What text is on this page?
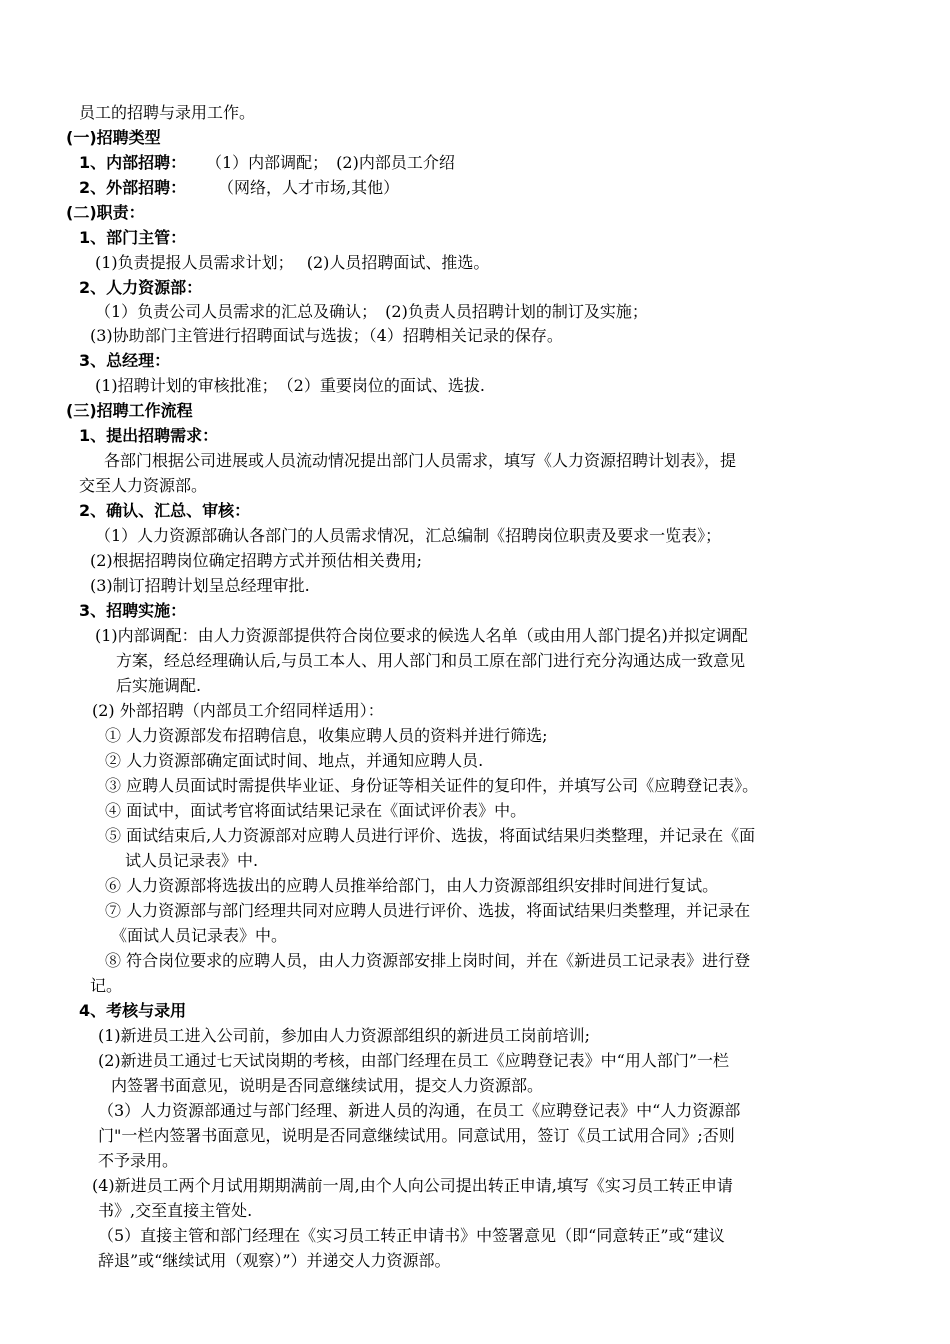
员工的招聘与录用工作。
(一)招聘类型
1、内部招聘： （1）内部调配；　(2)内部员工介绍
2、外部招聘： （网络，人才市场,其他）
(二)职责：
1、部门主管：
(1)负责提报人员需求计划；　 (2)人员招聘面试、推选。
2、人力资源部：
（1）负责公司人员需求的汇总及确认；　(2)负责人员招聘计划的制订及实施；
(3)协助部门主管进行招聘面试与选拔；（4）招聘相关记录的保存。
3、总经理：
(1)招聘计划的审核批准；　（2）重要岗位的面试、选拔.
(三)招聘工作流程
1、提出招聘需求：
各部门根据公司进展或人员流动情况提出部门人员需求，填写《人力资源招聘计划表》，提
交至人力资源部。
2、确认、汇总、审核：
（1）人力资源部确认各部门的人员需求情况，汇总编制《招聘岗位职责及要求一览表》；
(2)根据招聘岗位确定招聘方式并预估相关费用;
(3)制订招聘计划呈总经理审批.
3、招聘实施：
(1)内部调配：由人力资源部提供符合岗位要求的候选人名单（或由用人部门提名)并拟定调配
方案，经总经理确认后,与员工本人、用人部门和员工原在部门进行充分沟通达成一致意见
后实施调配.
(2) 外部招聘（内部员工介绍同样适用）：
① 人力资源部发布招聘信息，收集应聘人员的资料并进行筛选;
② 人力资源部确定面试时间、地点，并通知应聘人员.
③ 应聘人员面试时需提供毕业证、身份证等相关证件的复印件，并填写公司《应聘登记表》。
④ 面试中，面试考官将面试结果记录在《面试评价表》中。
⑤ 面试结束后,人力资源部对应聘人员进行评价、选拔，将面试结果归类整理，并记录在《面
试人员记录表》中.
⑥ 人力资源部将选拔出的应聘人员推举给部门，由人力资源部组织安排时间进行复试。
⑦ 人力资源部与部门经理共同对应聘人员进行评价、选拔，将面试结果归类整理，并记录在
《面试人员记录表》中。
⑧ 符合岗位要求的应聘人员，由人力资源部安排上岗时间，并在《新进员工记录表》进行登
记。
4、考核与录用
(1)新进员工进入公司前，参加由人力资源部组织的新进员工岗前培训;
(2)新进员工通过七天试岗期的考核，由部门经理在员工《应聘登记表》中“用人部门”一栏
内签署书面意见，说明是否同意继续试用，提交人力资源部。
（3）人力资源部通过与部门经理、新进人员的沟通，在员工《应聘登记表》中“人力资源部
门"一栏内签署书面意见，说明是否同意继续试用。同意试用，签订《员工试用合同》;否则
不予录用。
(4)新进员工两个月试用期期满前一周,由个人向公司提出转正申请,填写《实习员工转正申请
书》,交至直接主管处.
（5）直接主管和部门经理在《实习员工转正申请书》中签署意见（即“同意转正”或“建议
辞退”或“继续试用（观察）”）并递交人力资源部。
